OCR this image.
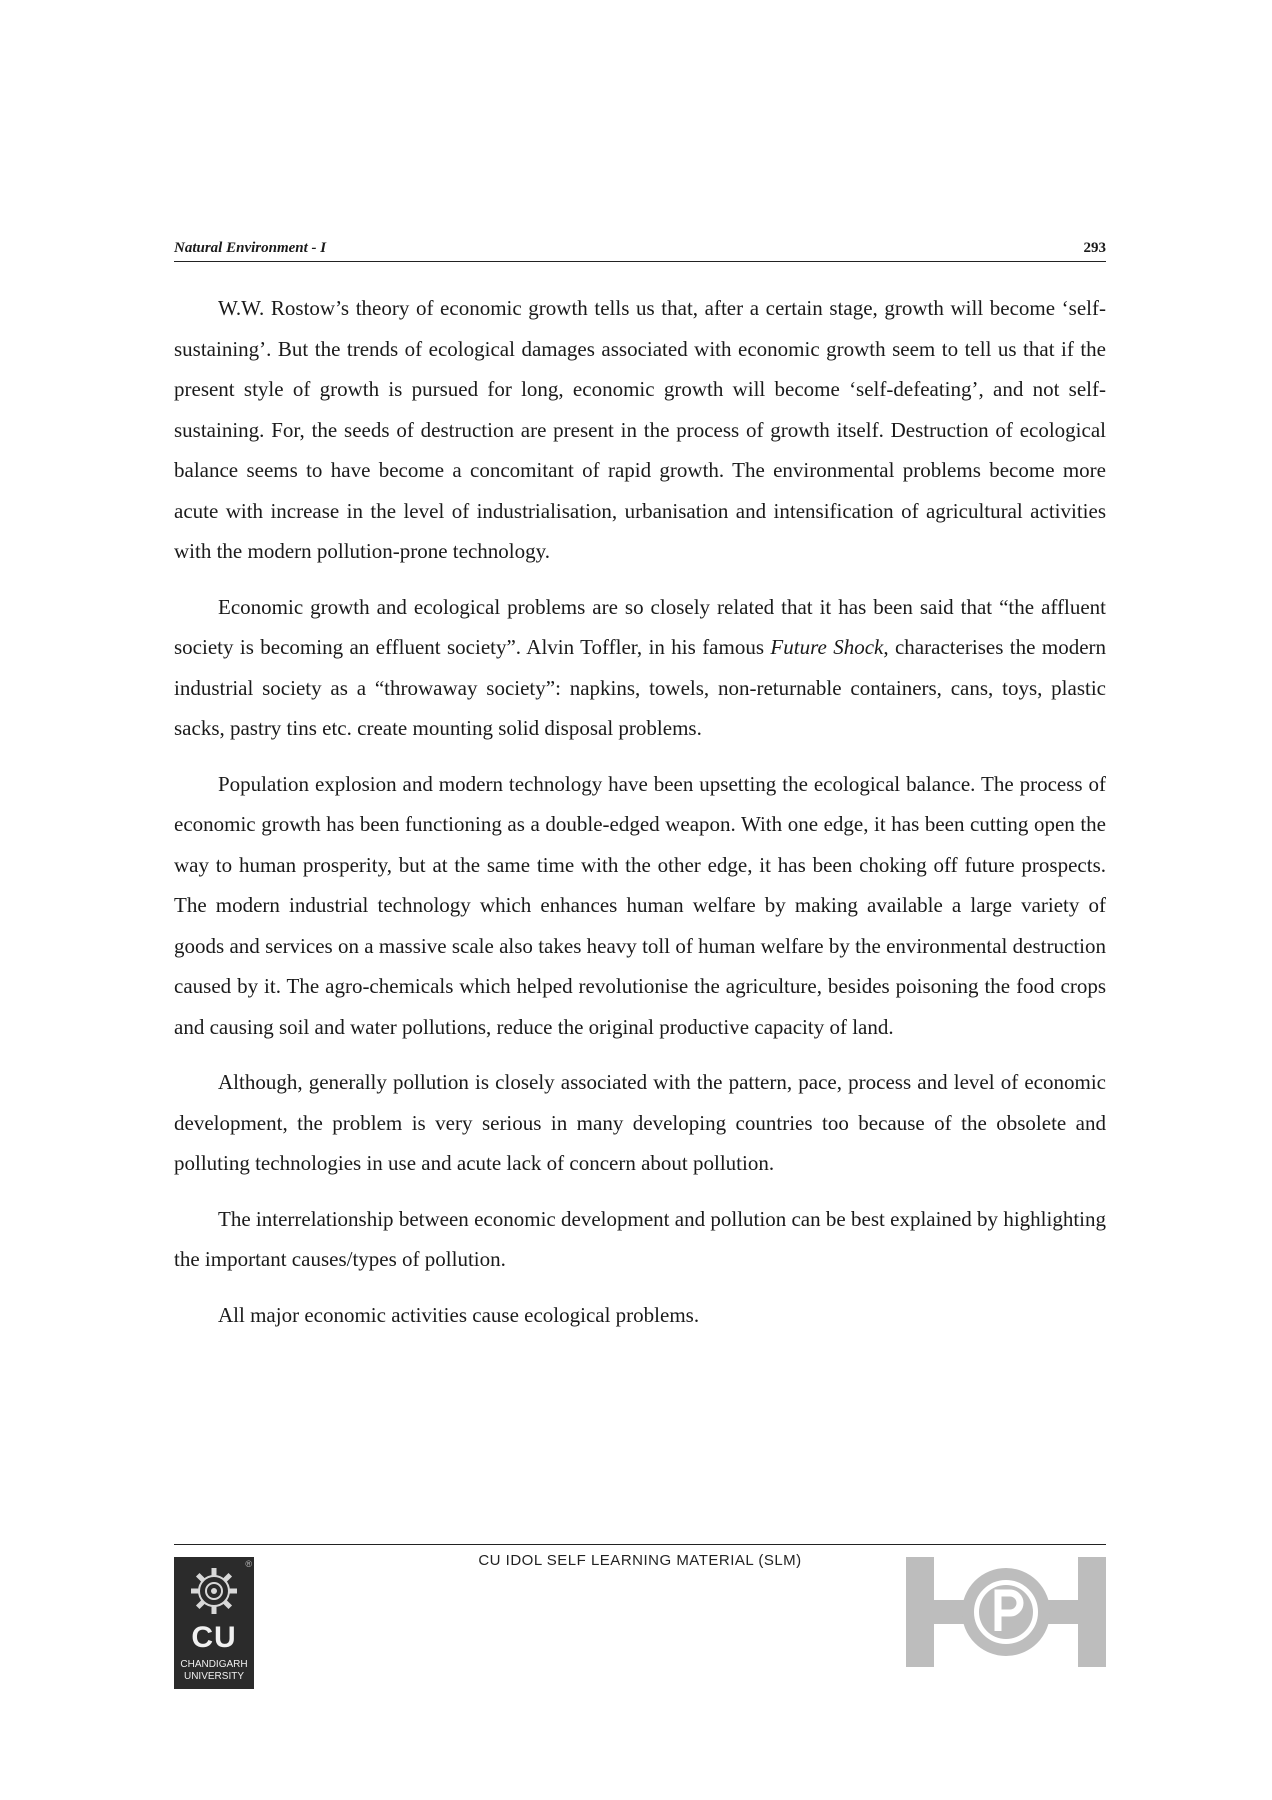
Natural Environment - I	293

W.W. Rostow’s theory of economic growth tells us that, after a certain stage, growth will become ‘self- sustaining’. But the trends of ecological damages associated with economic growth seem to tell us that if the present style of growth is pursued for long, economic growth will become ‘self-defeating’, and not self-sustaining. For, the seeds of destruction are present in the process of growth itself. Destruction of ecological balance seems to have become a concomitant of rapid growth. The environmental problems become more acute with increase in the level of industrialisation, urbanisation and intensification of agricultural activities with the modern pollution-prone technology.

Economic growth and ecological problems are so closely related that it has been said that “the affluent society is becoming an effluent society”. Alvin Toffler, in his famous Future Shock, characterises the modern industrial society as a “throwaway society”: napkins, towels, non-returnable containers, cans, toys, plastic sacks, pastry tins etc. create mounting solid disposal problems.

Population explosion and modern technology have been upsetting the ecological balance. The process of economic growth has been functioning as a double-edged weapon. With one edge, it has been cutting open the way to human prosperity, but at the same time with the other edge, it has been choking off future prospects. The modern industrial technology which enhances human welfare by making available a large variety of goods and services on a massive scale also takes heavy toll of human welfare by the environmental destruction caused by it. The agro-chemicals which helped revolutionise the agriculture, besides poisoning the food crops and causing soil and water pollutions, reduce the original productive capacity of land.

Although, generally pollution is closely associated with the pattern, pace, process and level of economic development, the problem is very serious in many developing countries too because of the obsolete and polluting technologies in use and acute lack of concern about pollution.

The interrelationship between economic development and pollution can be best explained by highlighting the important causes/types of pollution.

All major economic activities cause ecological problems.

CU IDOL SELF LEARNING MATERIAL (SLM)
®
CU
CHANDIGARH
UNIVERSITY
